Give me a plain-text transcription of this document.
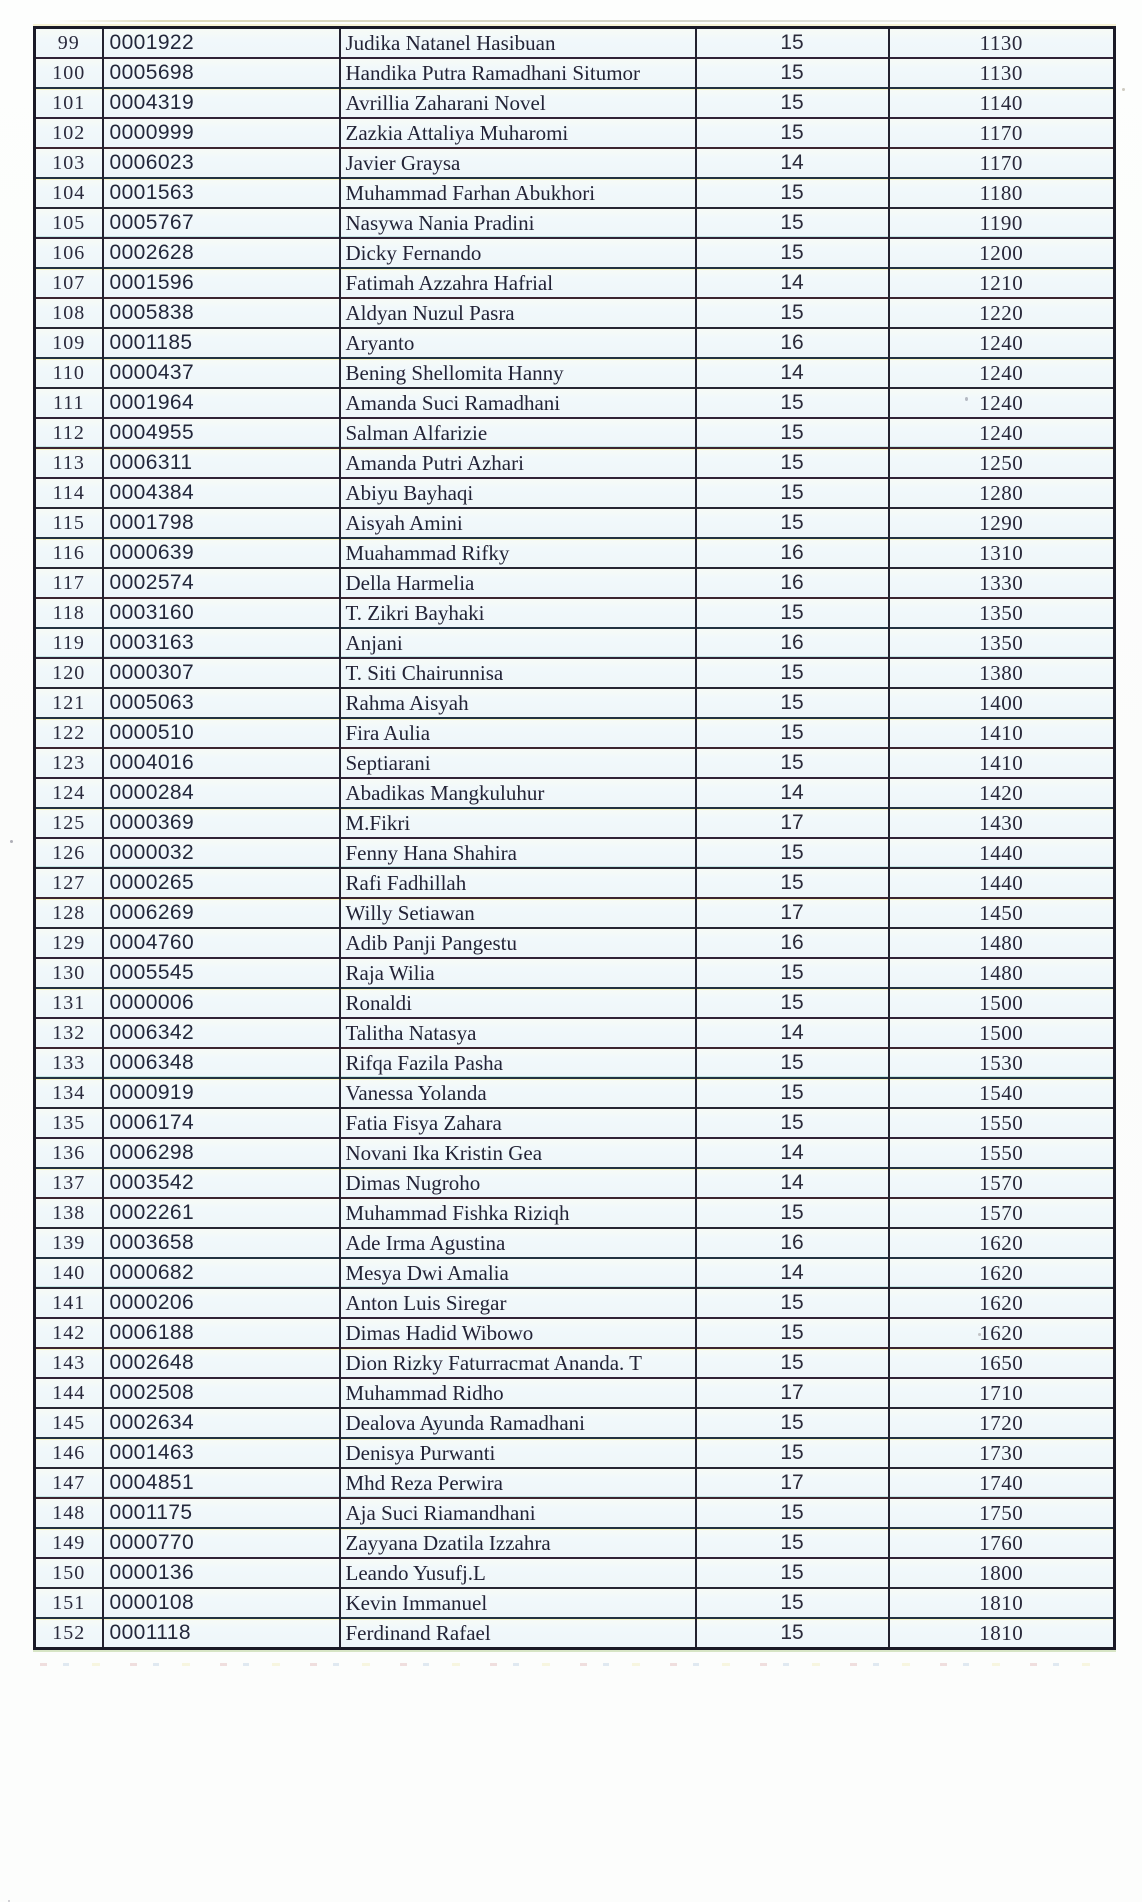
99	0001922	Judika Natanel Hasibuan	15	1130
100	0005698	Handika Putra Ramadhani Situmor	15	1130
101	0004319	Avrillia Zaharani Novel	15	1140
102	0000999	Zazkia Attaliya Muharomi	15	1170
103	0006023	Javier Graysa	14	1170
104	0001563	Muhammad Farhan Abukhori	15	1180
105	0005767	Nasywa Nania Pradini	15	1190
106	0002628	Dicky Fernando	15	1200
107	0001596	Fatimah Azzahra Hafrial	14	1210
108	0005838	Aldyan Nuzul Pasra	15	1220
109	0001185	Aryanto	16	1240
110	0000437	Bening Shellomita Hanny	14	1240
111	0001964	Amanda Suci Ramadhani	15	1240
112	0004955	Salman Alfarizie	15	1240
113	0006311	Amanda Putri Azhari	15	1250
114	0004384	Abiyu Bayhaqi	15	1280
115	0001798	Aisyah Amini	15	1290
116	0000639	Muahammad Rifky	16	1310
117	0002574	Della Harmelia	16	1330
118	0003160	T. Zikri Bayhaki	15	1350
119	0003163	Anjani	16	1350
120	0000307	T. Siti Chairunnisa	15	1380
121	0005063	Rahma Aisyah	15	1400
122	0000510	Fira Aulia	15	1410
123	0004016	Septiarani	15	1410
124	0000284	Abadikas Mangkuluhur	14	1420
125	0000369	M.Fikri	17	1430
126	0000032	Fenny Hana Shahira	15	1440
127	0000265	Rafi Fadhillah	15	1440
128	0006269	Willy Setiawan	17	1450
129	0004760	Adib Panji Pangestu	16	1480
130	0005545	Raja Wilia	15	1480
131	0000006	Ronaldi	15	1500
132	0006342	Talitha Natasya	14	1500
133	0006348	Rifqa Fazila Pasha	15	1530
134	0000919	Vanessa Yolanda	15	1540
135	0006174	Fatia Fisya Zahara	15	1550
136	0006298	Novani Ika Kristin Gea	14	1550
137	0003542	Dimas Nugroho	14	1570
138	0002261	Muhammad Fishka Riziqh	15	1570
139	0003658	Ade Irma Agustina	16	1620
140	0000682	Mesya Dwi Amalia	14	1620
141	0000206	Anton Luis Siregar	15	1620
142	0006188	Dimas Hadid Wibowo	15	1620
143	0002648	Dion Rizky Faturracmat Ananda. T	15	1650
144	0002508	Muhammad Ridho	17	1710
145	0002634	Dealova Ayunda Ramadhani	15	1720
146	0001463	Denisya Purwanti	15	1730
147	0004851	Mhd Reza Perwira	17	1740
148	0001175	Aja Suci Riamandhani	15	1750
149	0000770	Zayyana Dzatila Izzahra	15	1760
150	0000136	Leando Yusufj.L	15	1800
151	0000108	Kevin Immanuel	15	1810
152	0001118	Ferdinand Rafael	15	1810
